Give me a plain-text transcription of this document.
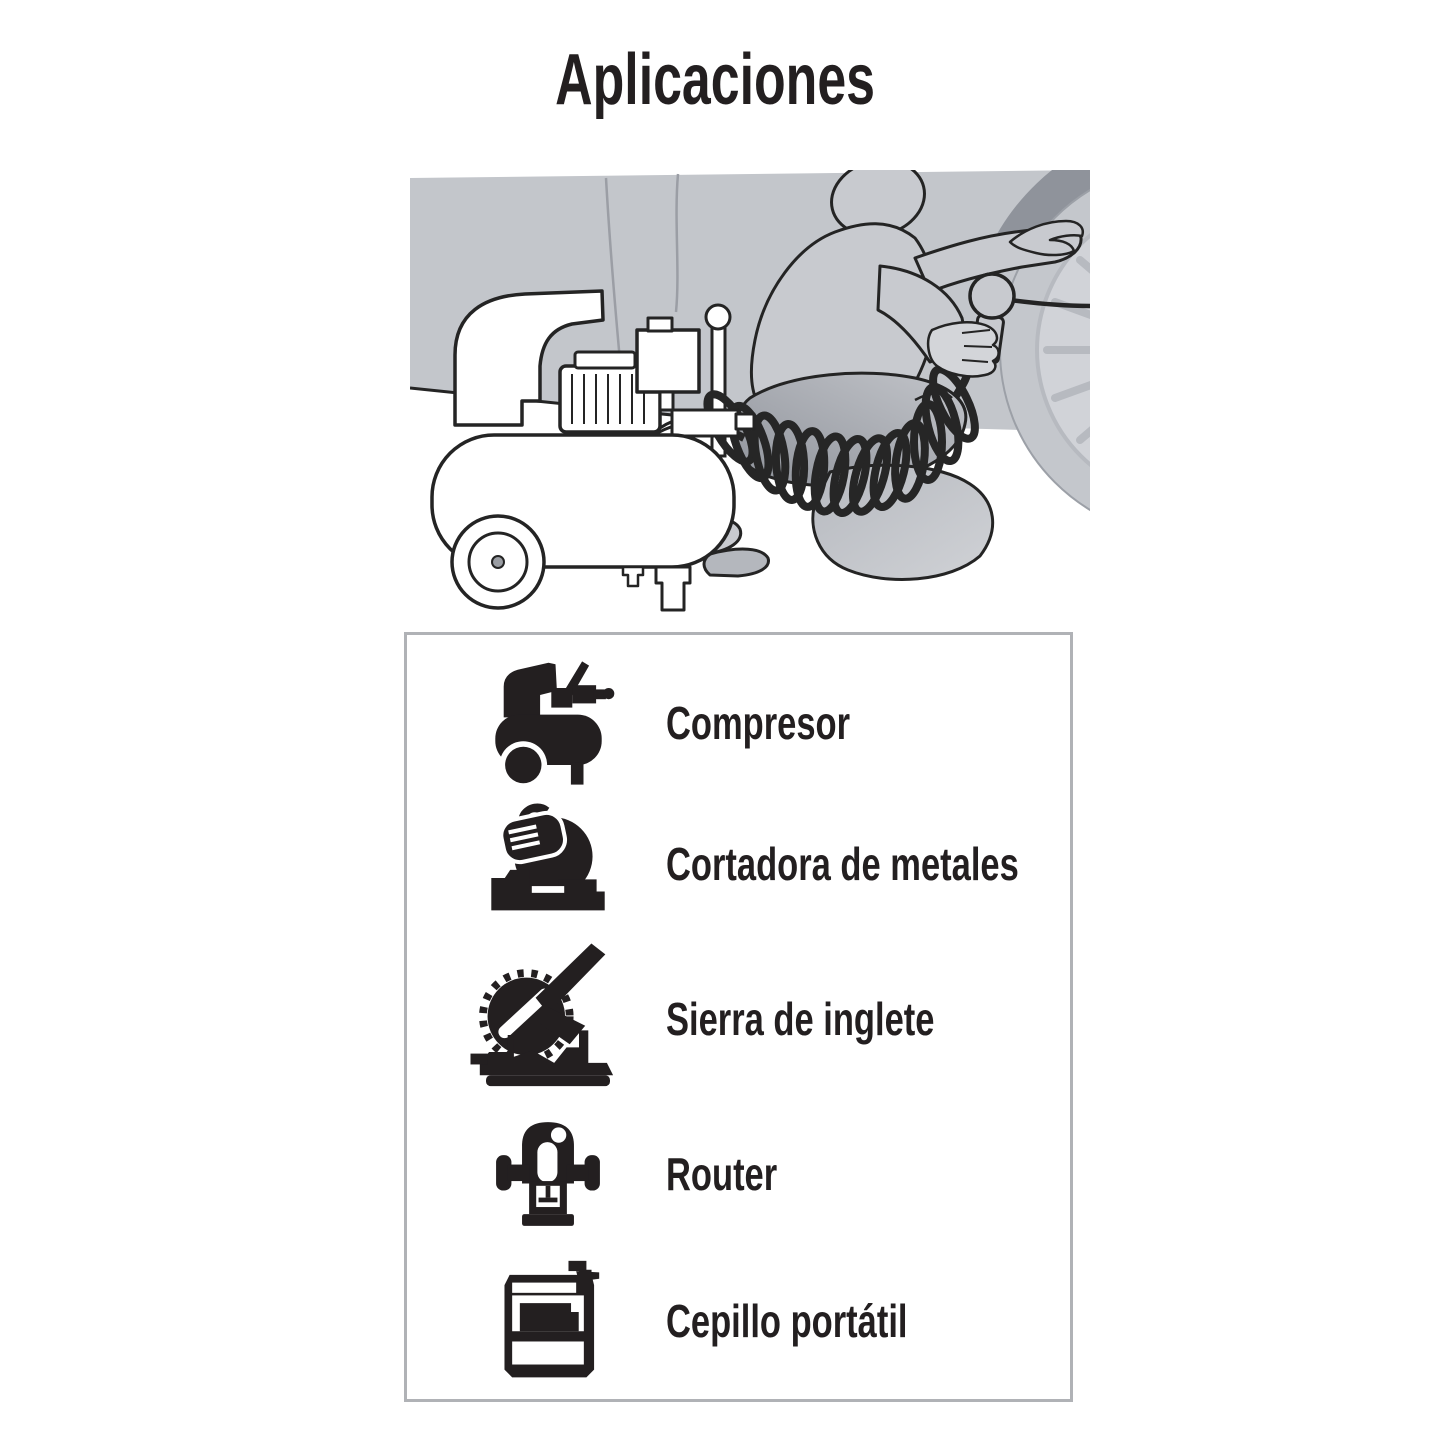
Aplicaciones
Compresor
Cortadora de metales
Sierra de inglete
Router
Cepillo portátil
